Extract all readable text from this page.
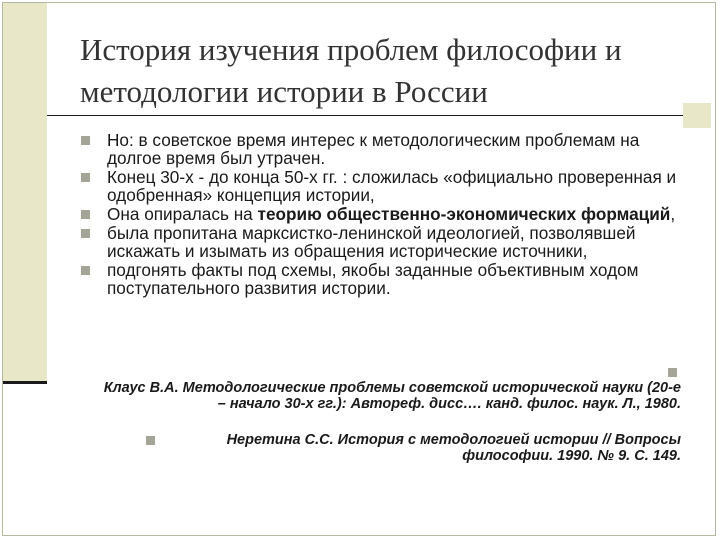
История изучения проблем философии и методологии истории в России
Но: в советское время интерес к методологическим проблемам на долгое время был утрачен.
Конец 30-х - до конца 50-х гг. : сложилась «официально проверенная и одобренная» концепция истории,
Она опиралась на теорию общественно-экономических формаций,
была пропитана марксистко-ленинской идеологией, позволявшей искажать и изымать из обращения исторические источники,
подгонять факты под схемы, якобы заданные объективным ходом поступательного развития истории.
Клаус В.А. Методологические проблемы советской исторической науки (20-е – начало 30-х гг.): Автореф. дисс…. канд. филос. наук. Л., 1980.
Неретина С.С. История с методологией истории // Вопросы философии. 1990. № 9. С. 149.
